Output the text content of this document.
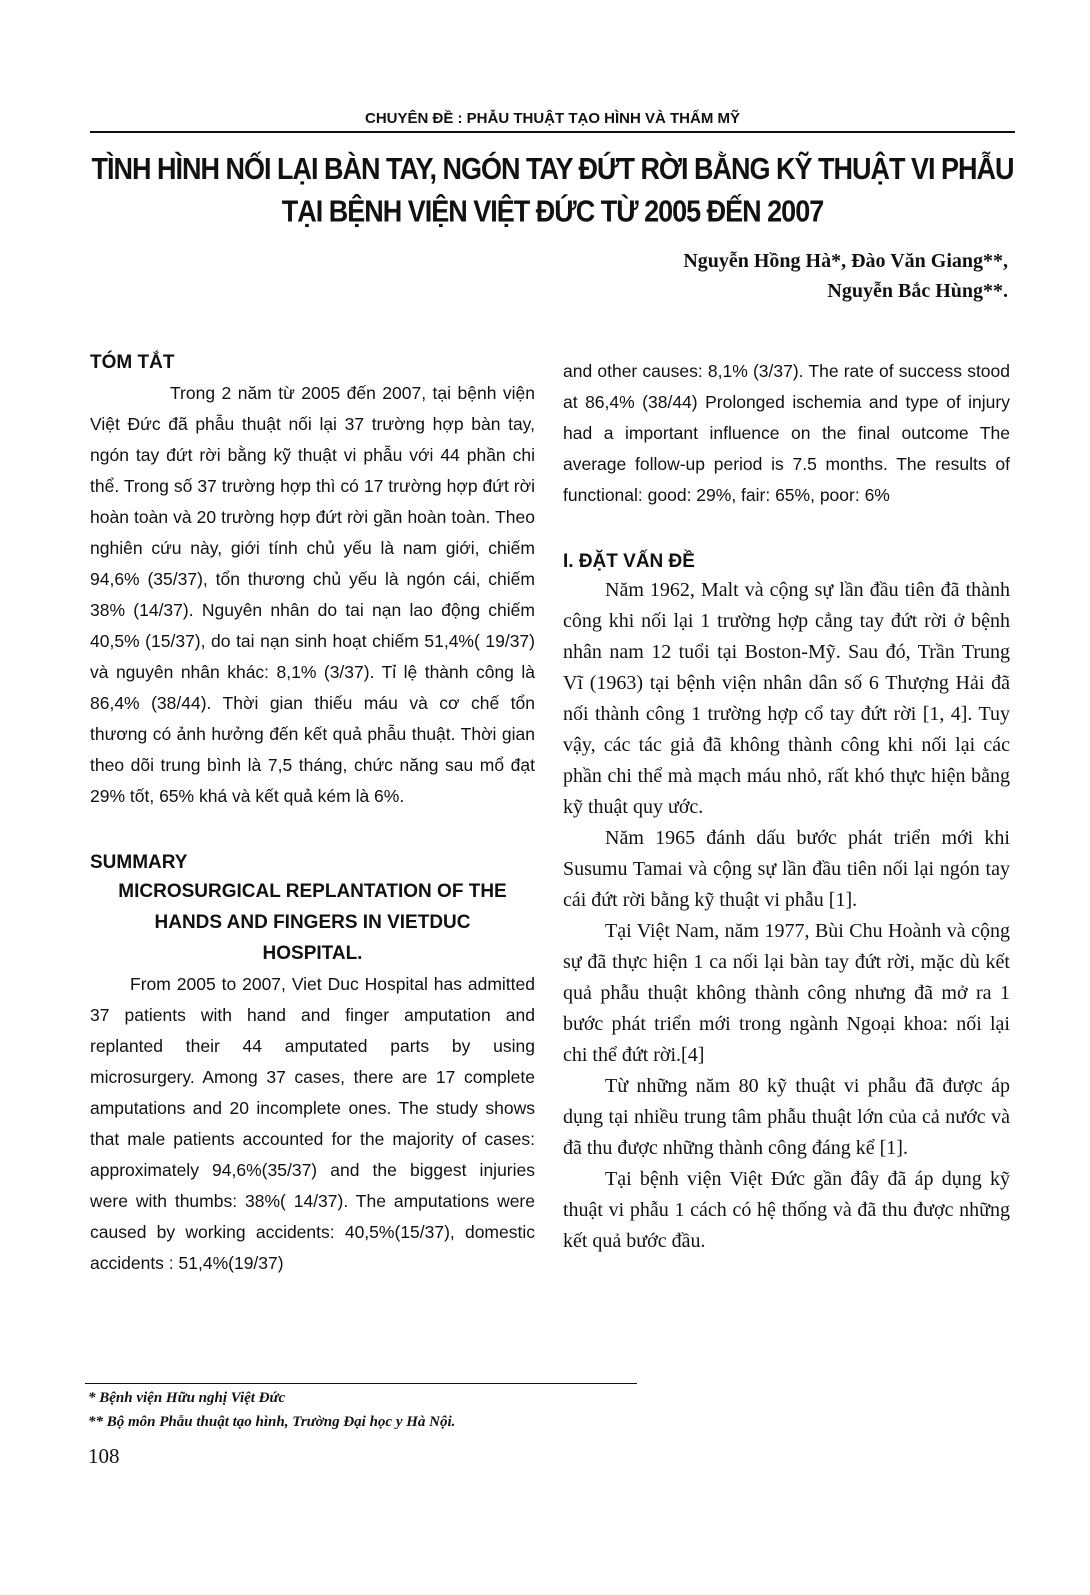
CHUYÊN ĐỀ : PHẪU THUẬT TẠO HÌNH VÀ THẨM MỸ
TÌNH HÌNH NỐI LẠI BÀN TAY, NGÓN TAY ĐỨT RỜI BẰNG KỸ THUẬT VI PHẪU
TẠI BỆNH VIỆN VIỆT ĐỨC TỪ 2005 ĐẾN 2007
Nguyễn Hồng Hà*, Đào Văn Giang**,
Nguyễn Bắc Hùng**.
TÓM TẮT

Trong 2 năm từ 2005 đến 2007, tại bệnh viện Việt Đức đã phẫu thuật nối lại 37 trường hợp bàn tay, ngón tay đứt rời bằng kỹ thuật vi phẫu với 44 phần chi thể. Trong số 37 trường hợp thì có 17 trường hợp đứt rời hoàn toàn và 20 trường hợp đứt rời gần hoàn toàn. Theo nghiên cứu này, giới tính chủ yếu là nam giới, chiếm 94,6% (35/37), tổn thương chủ yếu là ngón cái, chiếm 38% (14/37). Nguyên nhân do tai nạn lao động chiếm 40,5% (15/37), do tai nạn sinh hoạt chiếm 51,4%( 19/37) và nguyên nhân khác: 8,1% (3/37). Tỉ lệ thành công là 86,4% (38/44). Thời gian thiếu máu và cơ chế tổn thương có ảnh hưởng đến kết quả phẫu thuật. Thời gian theo dõi trung bình là 7,5 tháng, chức năng sau mổ đạt 29% tốt, 65% khá và kết quả kém là 6%.

SUMMARY
MICROSURGICAL REPLANTATION OF THE
HANDS AND FINGERS IN VIETDUC
HOSPITAL.

From 2005 to 2007, Viet Duc Hospital has admitted 37 patients with hand and finger amputation and replanted their 44 amputated parts by using microsurgery. Among 37 cases, there are 17 complete amputations and 20 incomplete ones. The study shows that male patients accounted for the majority of cases: approximately 94,6%(35/37) and the biggest injuries were with thumbs: 38%( 14/37). The amputations were caused by working accidents: 40,5%(15/37), domestic accidents : 51,4%(19/37)

and other causes: 8,1% (3/37). The rate of success stood at 86,4% (38/44) Prolonged ischemia and type of injury had a important influence on the final outcome The average follow-up period is 7.5 months. The results of functional: good: 29%, fair: 65%, poor: 6%

I. ĐẶT VẤN ĐỀ

Năm 1962, Malt và cộng sự lần đầu tiên đã thành công khi nối lại 1 trường hợp cẳng tay đứt rời ở bệnh nhân nam 12 tuổi tại Boston-Mỹ. Sau đó, Trần Trung Vĩ (1963) tại bệnh viện nhân dân số 6 Thượng Hải đã nối thành công 1 trường hợp cổ tay đứt rời [1, 4]. Tuy vậy, các tác giả đã không thành công khi nối lại các phần chi thể mà mạch máu nhỏ, rất khó thực hiện bằng kỹ thuật quy ước.

Năm 1965 đánh dấu bước phát triển mới khi Susumu Tamai và cộng sự lần đầu tiên nối lại ngón tay cái đứt rời bằng kỹ thuật vi phẫu [1].

Tại Việt Nam, năm 1977, Bùi Chu Hoành và cộng sự đã thực hiện 1 ca nối lại bàn tay đứt rời, mặc dù kết quả phẫu thuật không thành công nhưng đã mở ra 1 bước phát triển mới trong ngành Ngoại khoa: nối lại chi thể đứt rời.[4]

Từ những năm 80 kỹ thuật vi phẫu đã được áp dụng tại nhiều trung tâm phẫu thuật lớn của cả nước và đã thu được những thành công đáng kể [1].

Tại bệnh viện Việt Đức gần đây đã áp dụng kỹ thuật vi phẫu 1 cách có hệ thống và đã thu được những kết quả bước đầu.

* Bệnh viện Hữu nghị Việt Đức
** Bộ môn Phẫu thuật tạo hình, Trường Đại học y Hà Nội.
108
